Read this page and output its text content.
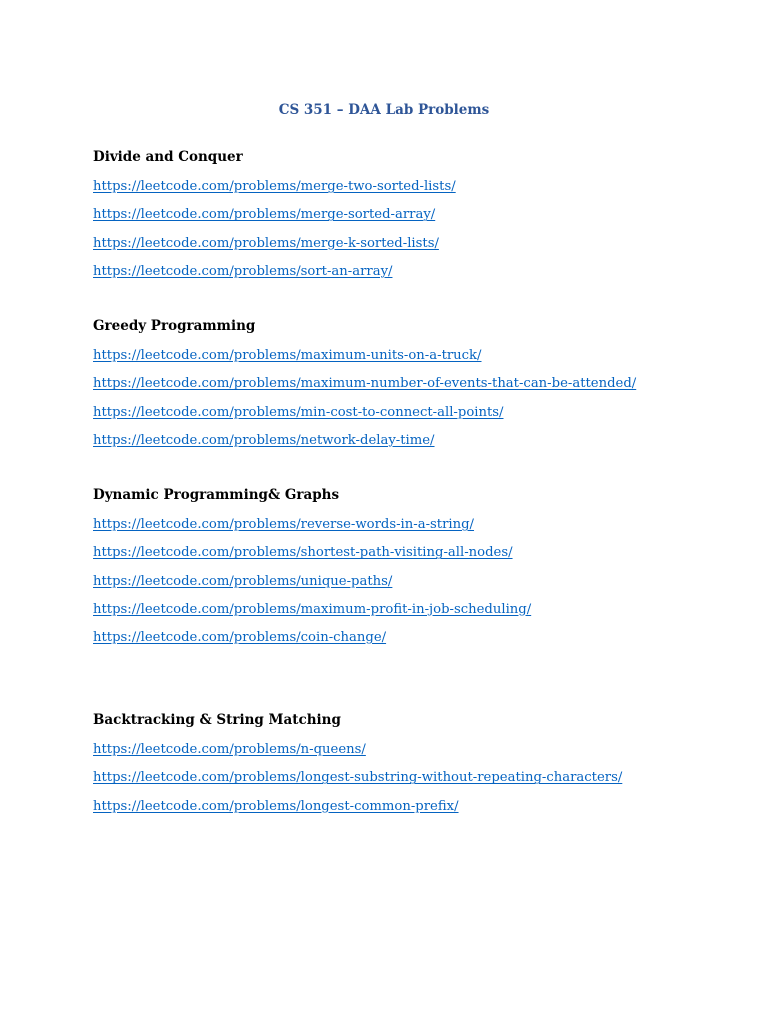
CS 351 – DAA Lab Problems
Divide and Conquer
https://leetcode.com/problems/merge-two-sorted-lists/
https://leetcode.com/problems/merge-sorted-array/
https://leetcode.com/problems/merge-k-sorted-lists/
https://leetcode.com/problems/sort-an-array/
Greedy Programming
https://leetcode.com/problems/maximum-units-on-a-truck/
https://leetcode.com/problems/maximum-number-of-events-that-can-be-attended/
https://leetcode.com/problems/min-cost-to-connect-all-points/
https://leetcode.com/problems/network-delay-time/
Dynamic Programming& Graphs
https://leetcode.com/problems/reverse-words-in-a-string/
https://leetcode.com/problems/shortest-path-visiting-all-nodes/
https://leetcode.com/problems/unique-paths/
https://leetcode.com/problems/maximum-profit-in-job-scheduling/
https://leetcode.com/problems/coin-change/
Backtracking & String Matching
https://leetcode.com/problems/n-queens/
https://leetcode.com/problems/longest-substring-without-repeating-characters/
https://leetcode.com/problems/longest-common-prefix/
